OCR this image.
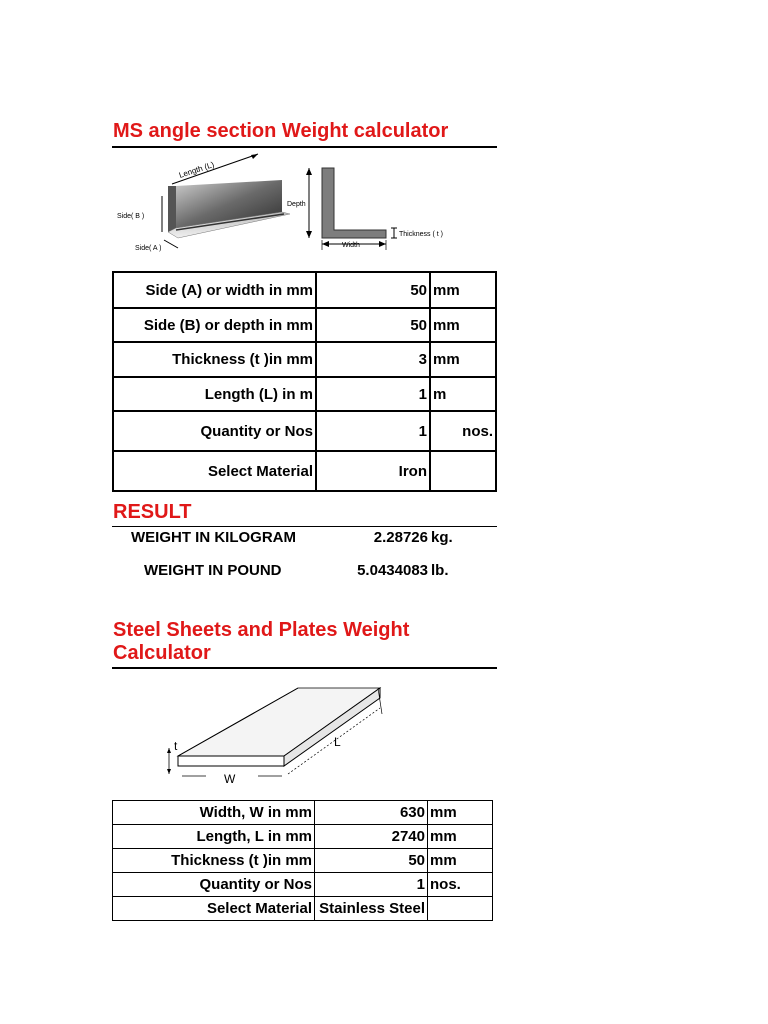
MS angle section Weight calculator
Length (L)
Side( B )
Side( A )
Depth
Width
Thickness ( t )
Side (A) or width in mm	50	mm
Side (B) or depth in mm	50	mm
Thickness (t )in mm	3	mm
Length (L) in m	1	m
Quantity or Nos	1	nos.
Select Material	Iron	
RESULT
WEIGHT IN KILOGRAM	2.28726 kg.
WEIGHT IN POUND	5.0434083 lb.
Steel Sheets and Plates Weight
Calculator
L
t
W
Width, W in mm	630	mm
Length, L in mm	2740	mm
Thickness (t )in mm	50	mm
Quantity or Nos	1	nos.
Select Material	Stainless Steel	
